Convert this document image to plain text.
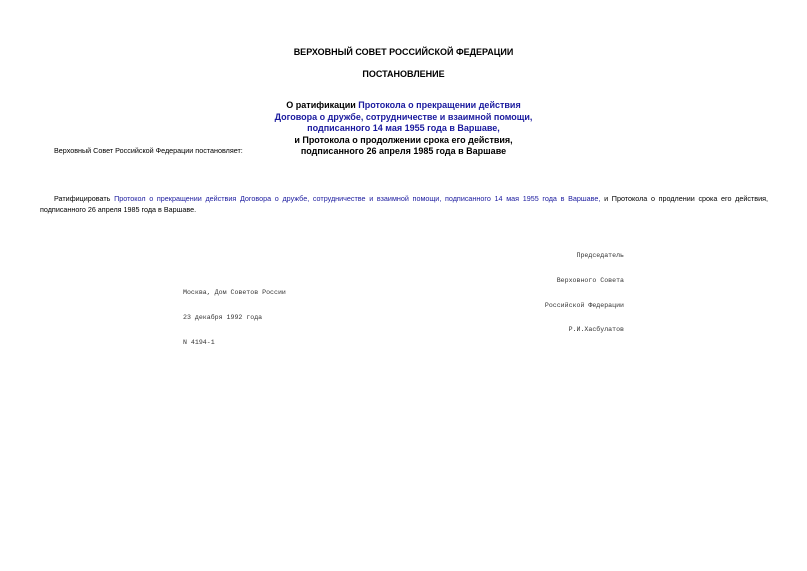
ВЕРХОВНЫЙ СОВЕТ РОССИЙСКОЙ ФЕДЕРАЦИИ
ПОСТАНОВЛЕНИЕ
О ратификации Протокола о прекращении действия
Договора о дружбе, сотрудничестве и взаимной помощи,
подписанного 14 мая 1955 года в Варшаве,
и Протокола о продолжении срока его действия,
подписанного 26 апреля 1985 года в Варшаве
Верховный Совет Российской Федерации постановляет:
Ратифицировать Протокол о прекращении действия Договора о дружбе, сотрудничестве и взаимной помощи, подписанного 14 мая 1955 года в Варшаве, и Протокола о продлении срока его действия, подписанного 26 апреля 1985 года в Варшаве.

Председатель

Верховного Совета

Российской Федерации

Р.И.Хасбулатов

Москва, Дом Советов России

23 декабря 1992 года

N 4194-1
